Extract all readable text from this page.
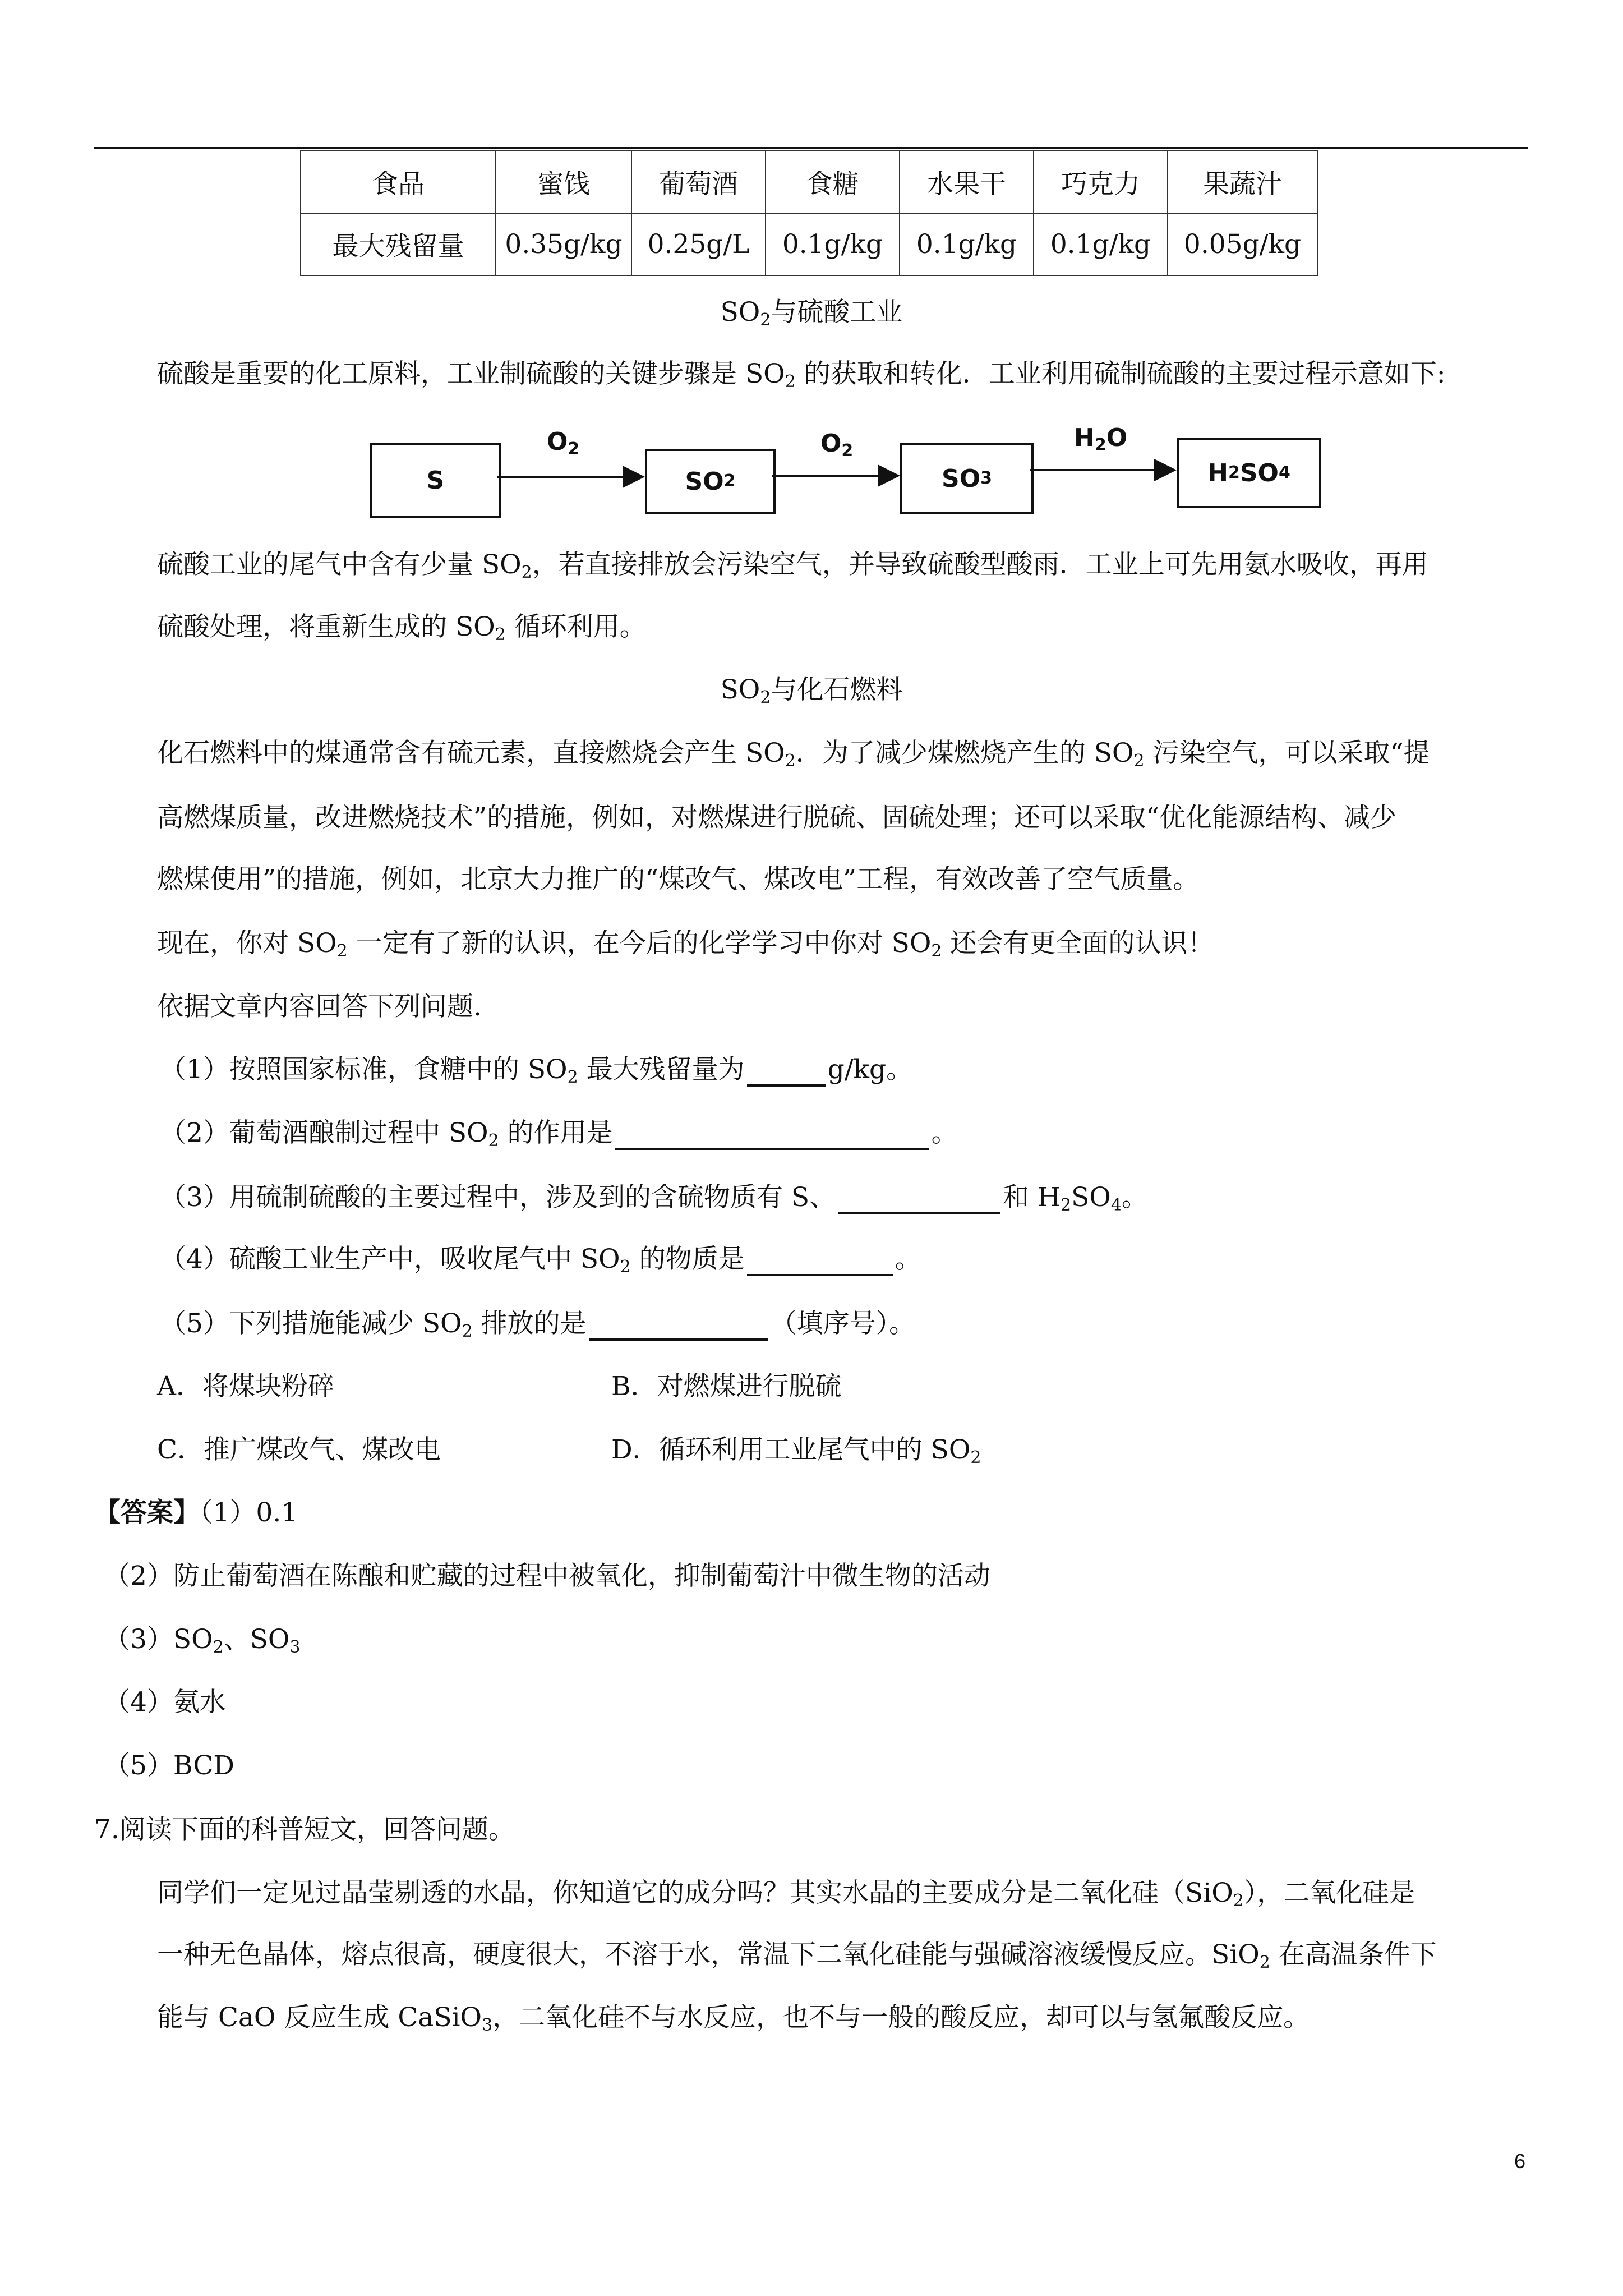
食品	蜜饯	葡萄酒	食糖	水果干	巧克力	果蔬汁
最大残留量	0.35g/kg	0.25g/L	0.1g/kg	0.1g/kg	0.1g/kg	0.05g/kg
$SO_2$与硫酸工业
硫酸是重要的化工原料，工业制硫酸的关键步骤是 $SO_2$ 的获取和转化．工业利用硫制硫酸的主要过程示意如下:
S	SO 2	SO 3	H 2 SO 4
$O_2$	$O_2$	$H_2O$
硫酸工业的尾气中含有少量 $SO_2$，若直接排放会污染空气，并导致硫酸型酸雨．工业上可先用氨水吸收，再用
硫酸处理，将重新生成的 $SO_2$ 循环利用。
$SO_2$与化石燃料
化石燃料中的煤通常含有硫元素，直接燃烧会产生 $SO_2$．为了减少煤燃烧产生的 $SO_2$ 污染空气，可以采取“提
高燃煤质量，改进燃烧技术”的措施，例如，对燃煤进行脱硫、固硫处理；还可以采取“优化能源结构、减少
燃煤使用”的措施，例如，北京大力推广的“煤改气、煤改电”工程，有效改善了空气质量。
现在，你对 $SO_2$ 一定有了新的认识，在今后的化学学习中你对 $SO_2$ 还会有更全面的认识！
依据文章内容回答下列问题.
（1）按照国家标准，食糖中的 $SO_2$ 最大残留量为	g/kg。
（2）葡萄酒酿制过程中 $SO_2$ 的作用是	。
（3）用硫制硫酸的主要过程中，涉及到的含硫物质有 S、	和 $H_2SO_4$。
（4）硫酸工业生产中，吸收尾气中 $SO_2$ 的物质是	。
（5）下列措施能减少 $SO_2$ 排放的是	（填序号）。
A．将煤块粉碎	B．对燃煤进行脱硫
C．推广煤改气、煤改电	D．循环利用工业尾气中的 $SO_2$
【答案】（1）0.1
（2）防止葡萄酒在陈酿和贮藏的过程中被氧化，抑制葡萄汁中微生物的活动
$(3)SO_2$、$SO_3$
（4）氨水
（5）BCD
7.阅读下面的科普短文，回答问题。
同学们一定见过晶莹剔透的水晶，你知道它的成分吗？其实水晶的主要成分是二氧化硅（SiO$_2$），二氧化硅是
一种无色晶体，熔点很高，硬度很大，不溶于水，常温下二氧化硅能与强碱溶液缓慢反应。SiO$_2$ 在高温条件下
能与 CaO 反应生成 CaSiO$_3$，二氧化硅不与水反应，也不与一般的酸反应，却可以与氢氟酸反应。
6
